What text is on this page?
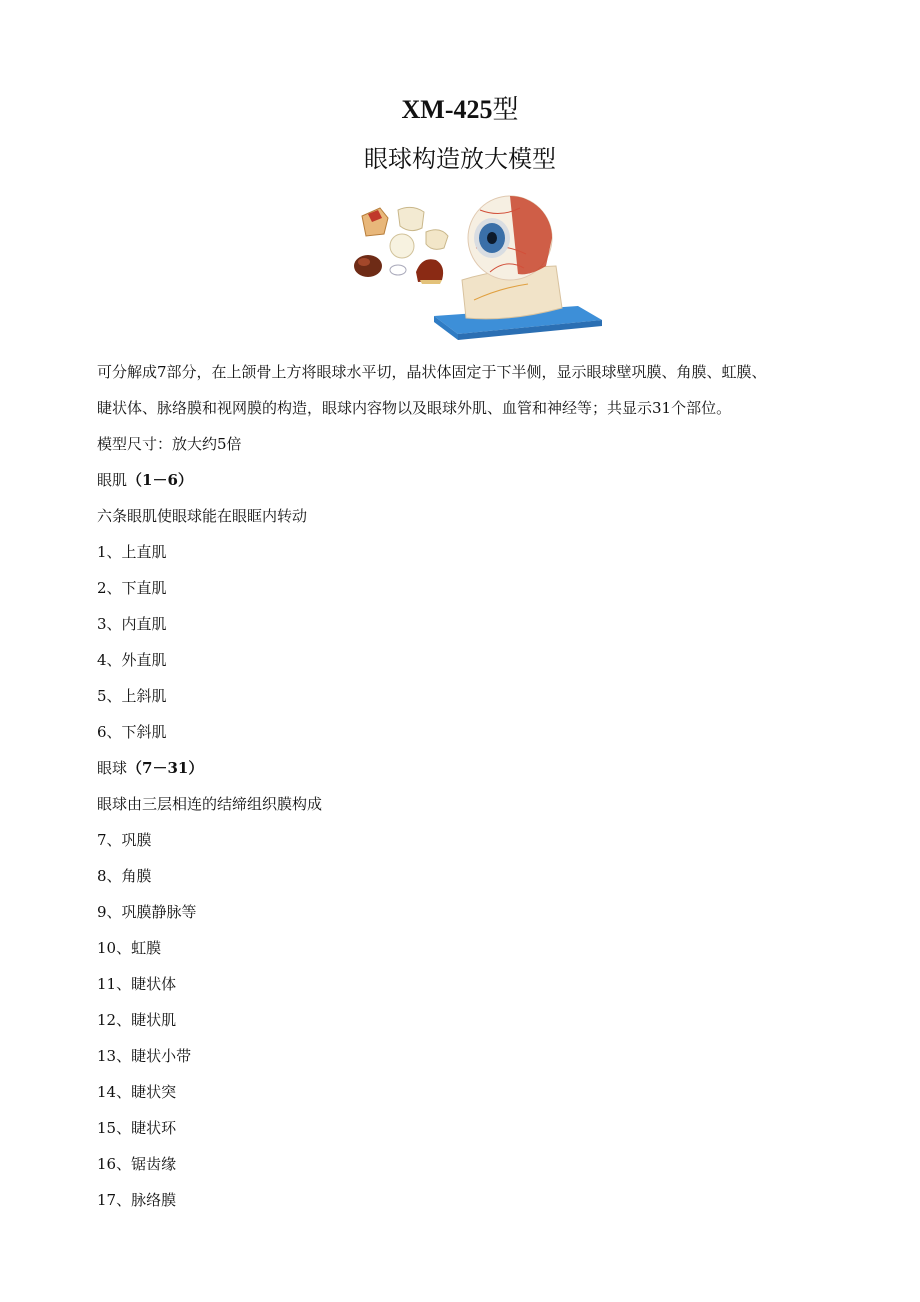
XM-425型
眼球构造放大模型
可分解成7部分，在上颌骨上方将眼球水平切，晶状体固定于下半侧，显示眼球壁巩膜、角膜、虹膜、
睫状体、脉络膜和视网膜的构造，眼球内容物以及眼球外肌、血管和神经等；共显示31个部位。
模型尺寸：放大约5倍
眼肌（1－6）
六条眼肌使眼球能在眼眶内转动
1、上直肌
2、下直肌
3、内直肌
4、外直肌
5、上斜肌
6、下斜肌
眼球（7－31）
眼球由三层相连的结缔组织膜构成
7、巩膜
8、角膜
9、巩膜静脉等
10、虹膜
11、睫状体
12、睫状肌
13、睫状小带
14、睫状突
15、睫状环
16、锯齿缘
17、脉络膜
